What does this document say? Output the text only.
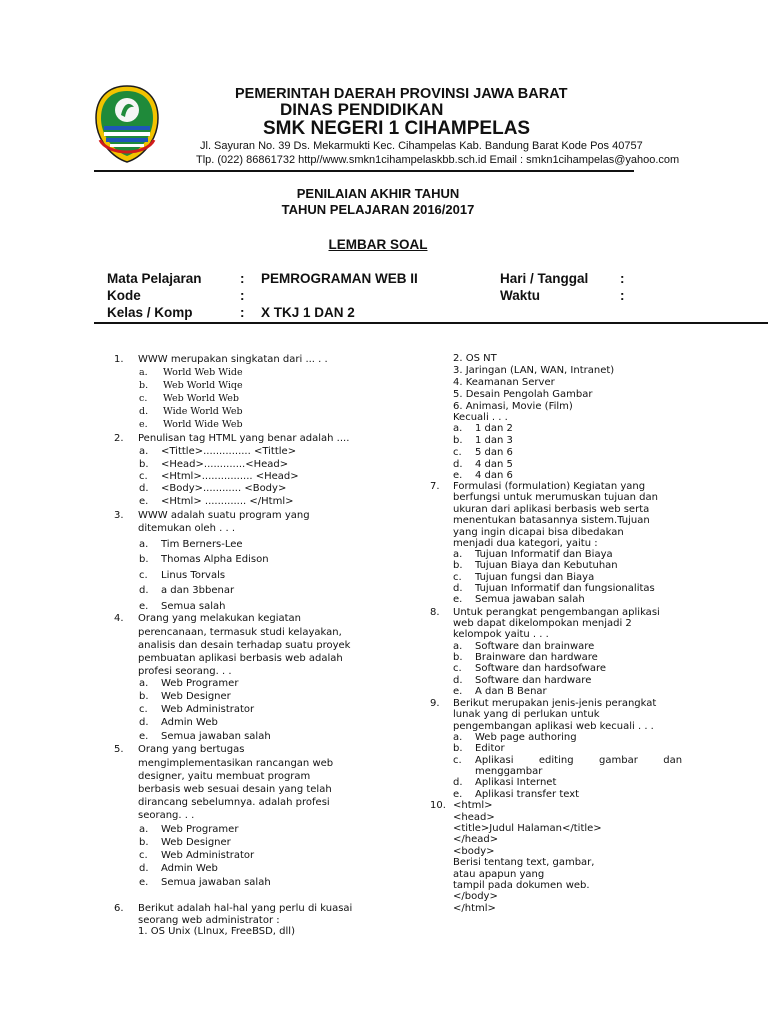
PEMERINTAH DAERAH PROVINSI JAWA BARAT
DINAS PENDIDIKAN
SMK NEGERI 1 CIHAMPELAS
Jl. Sayuran No. 39 Ds. Mekarmukti Kec. Cihampelas Kab. Bandung Barat Kode Pos 40757
Tlp. (022) 86861732 http//www.smkn1cihampelaskbb.sch.id Email : smkn1cihampelas@yahoo.com
PENILAIAN AKHIR TAHUN
TAHUN PELAJARAN 2016/2017
LEMBAR SOAL
Mata Pelajaran	: PEMROGRAMAN WEB II
Kode	:
Kelas / Komp	: X TKJ 1 DAN 2
Hari / Tanggal :
Waktu	:
1. WWW merupakan singkatan dari ... . .
a. World Web Wide
b. Web World Wiqe
c. Web World Web
d. Wide World Web
e. World Wide Web
2. Penulisan tag HTML yang benar adalah ....
a. <Tittle>............... <Tittle>
b. <Head>.............<Head>
c. <Html>................ <Head>
d. <Body>............ <Body>
e. <Html> ............. </Html>
3. WWW adalah suatu program yang
ditemukan oleh . . .
a. Tim Berners-Lee
b. Thomas Alpha Edison
c. Linus Torvals
d. a dan 3bbenar
e. Semua salah
4. Orang yang melakukan kegiatan
perencanaan, termasuk studi kelayakan,
analisis dan desain terhadap suatu proyek
pembuatan aplikasi berbasis web adalah
profesi seorang. . .
a. Web Programer
b. Web Designer
c. Web Administrator
d. Admin Web
e. Semua jawaban salah
5. Orang yang bertugas
mengimplementasikan rancangan web
designer, yaitu membuat program
berbasis web sesuai desain yang telah
dirancang sebelumnya. adalah profesi
seorang. . .
a. Web Programer
b. Web Designer
c. Web Administrator
d. Admin Web
e. Semua jawaban salah
6. Berikut adalah hal-hal yang perlu di kuasai
seorang web administrator :
1. OS Unix (Llnux, FreeBSD, dll)
2. OS NT
3. Jaringan (LAN, WAN, Intranet)
4. Keamanan Server
5. Desain Pengolah Gambar
6. Animasi, Movie (Film)
Kecuali . . .
a. 1 dan 2
b. 1 dan 3
c. 5 dan 6
d. 4 dan 5
e. 4 dan 6
7. Formulasi (formulation) Kegiatan yang
berfungsi untuk merumuskan tujuan dan
ukuran dari aplikasi berbasis web serta
menentukan batasannya sistem.Tujuan
yang ingin dicapai bisa dibedakan
menjadi dua kategori, yaitu :
a. Tujuan Informatif dan Biaya
b. Tujuan Biaya dan Kebutuhan
c. Tujuan fungsi dan Biaya
d. Tujuan Informatif dan fungsionalitas
e. Semua jawaban salah
8. Untuk perangkat pengembangan aplikasi
web dapat dikelompokan menjadi 2
kelompok yaitu . . .
a. Software dan brainware
b. Brainware dan hardware
c. Software dan hardsofware
d. Software dan hardware
e. A dan B Benar
9. Berikut merupakan jenis-jenis perangkat
lunak yang di perlukan untuk
pengembangan aplikasi web kecuali . . .
a. Web page authoring
b. Editor
c. Aplikasi        editing        gambar        dan
menggambar
d. Aplikasi Internet
e. Aplikasi transfer text
10. <html>
<head>
<title>Judul Halaman</title>
</head>
<body>
Berisi tentang text, gambar,
atau apapun yang
tampil pada dokumen web.
</body>
</html>
